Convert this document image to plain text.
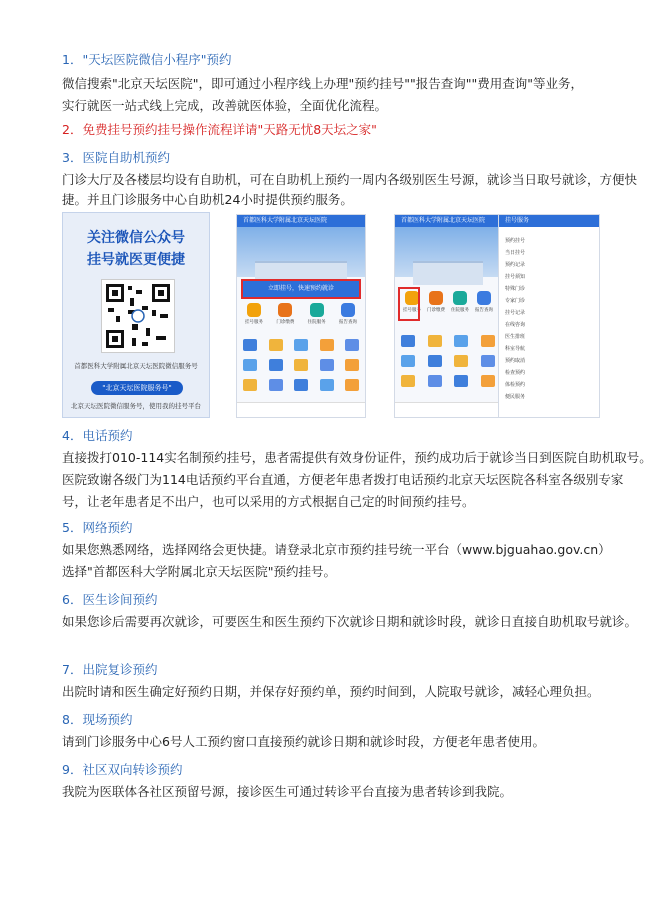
1．"天坛医院微信小程序"预约
微信搜索"北京天坛医院"，即可通过小程序线上办理"预约挂号""报告查询""费用查询"等业务，
实行就医一站式线上完成，改善就医体验，全面优化流程。
2．免费挂号预约挂号操作流程详请"天路无忧8天坛之家"
3．医院自助机预约
门诊大厅及各楼层均设有自助机，可在自助机上预约一周内各级别医生号源，就诊当日取号就诊，方便快
捷。并且门诊服务中心自助机24小时提供预约服务。
关注微信公众号
挂号就医更便捷
首都医科大学附属北京天坛医院微信服务号
"北京天坛医院服务号"
北京天坛医院微信服务号，使用我的挂号平台
首都医科大学附属北京天坛医院
立即挂号，快速预约就诊
挂号服务	门诊缴费	住院服务	报告查询
首都医科大学附属北京天坛医院
挂号服务 门诊缴费 住院服务 报告查询
挂号服务
预约挂号
当日挂号
预约记录
挂号须知
特殊门诊
专家门诊
挂号记录
在线咨询
医生排班
科室导航
预约取消
检查预约
体检预约
便民服务
4．电话预约
直接拨打010-114实名制预约挂号，患者需提供有效身份证件，预约成功后于就诊当日到医院自助机取号。
医院致谢各级门为114电话预约平台直通，方便老年患者拨打电话预约北京天坛医院各科室各级别专家
号，让老年患者足不出户，也可以采用的方式根据自己定的时间预约挂号。
5．网络预约
如果您熟悉网络，选择网络会更快捷。请登录北京市预约挂号统一平台（www.bjguahao.gov.cn）
选择"首都医科大学附属北京天坛医院"预约挂号。
6．医生诊间预约
如果您诊后需要再次就诊，可要医生和医生预约下次就诊日期和就诊时段，就诊日直接自助机取号就诊。
7．出院复诊预约
出院时请和医生确定好预约日期，并保存好预约单，预约时间到，人院取号就诊，减轻心理负担。
8．现场预约
请到门诊服务中心6号人工预约窗口直接预约就诊日期和就诊时段，方便老年患者使用。
9．社区双向转诊预约
我院为医联体各社区预留号源，接诊医生可通过转诊平台直接为患者转诊到我院。
